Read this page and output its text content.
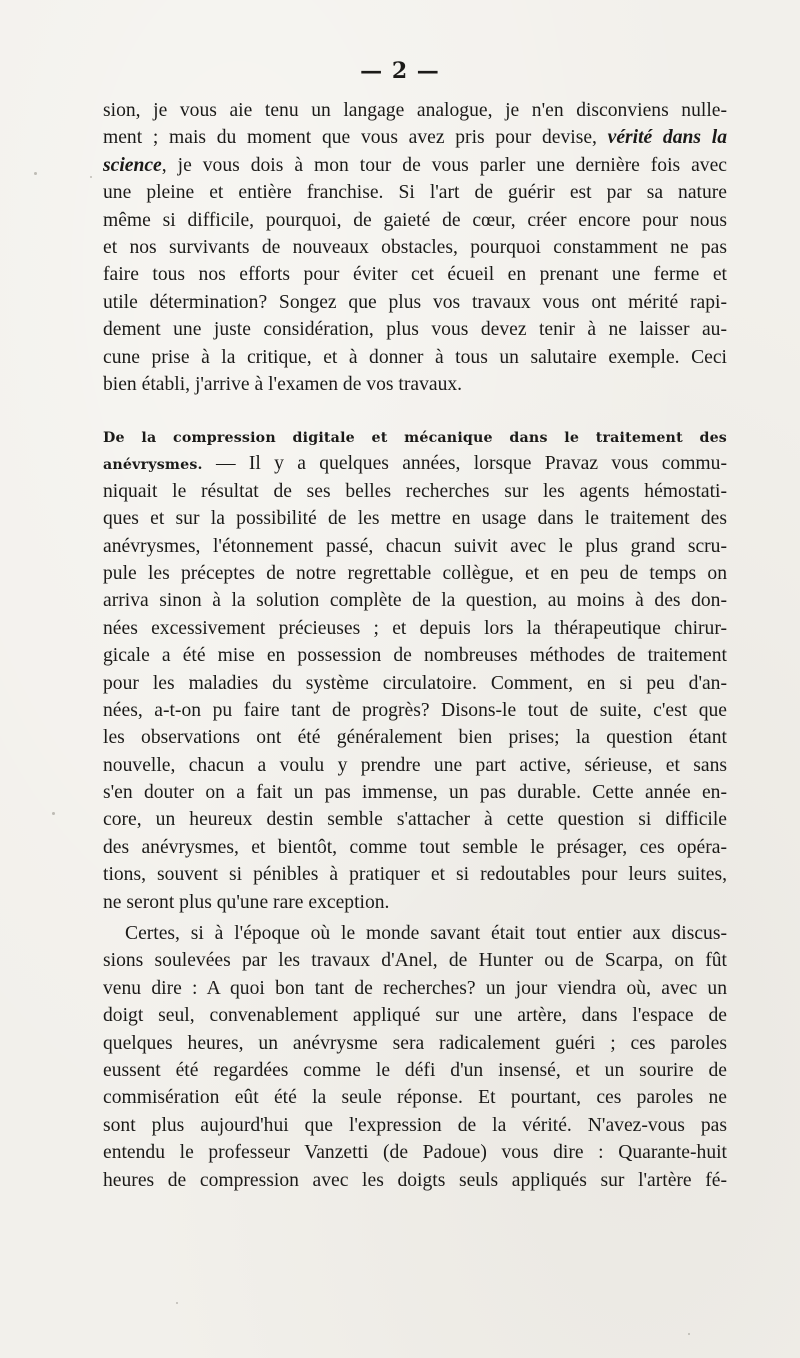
— 2 —
sion, je vous aie tenu un langage analogue, je n'en disconviens nulle-
ment ; mais du moment que vous avez pris pour devise, vérité dans la
science, je vous dois à mon tour de vous parler une dernière fois avec
une pleine et entière franchise. Si l'art de guérir est par sa nature
même si difficile, pourquoi, de gaieté de cœur, créer encore pour nous
et nos survivants de nouveaux obstacles, pourquoi constamment ne pas
faire tous nos efforts pour éviter cet écueil en prenant une ferme et
utile détermination? Songez que plus vos travaux vous ont mérité rapi-
dement une juste considération, plus vous devez tenir à ne laisser au-
cune prise à la critique, et à donner à tous un salutaire exemple. Ceci
bien établi, j'arrive à l'examen de vos travaux.
De la compression digitale et mécanique dans le traitement des
anévrysmes. — Il y a quelques années, lorsque Pravaz vous commu-
niquait le résultat de ses belles recherches sur les agents hémostati-
ques et sur la possibilité de les mettre en usage dans le traitement des
anévrysmes, l'étonnement passé, chacun suivit avec le plus grand scru-
pule les préceptes de notre regrettable collègue, et en peu de temps on
arriva sinon à la solution complète de la question, au moins à des don-
nées excessivement précieuses ; et depuis lors la thérapeutique chirur-
gicale a été mise en possession de nombreuses méthodes de traitement
pour les maladies du système circulatoire. Comment, en si peu d'an-
nées, a-t-on pu faire tant de progrès? Disons-le tout de suite, c'est que
les observations ont été généralement bien prises; la question étant
nouvelle, chacun a voulu y prendre une part active, sérieuse, et sans
s'en douter on a fait un pas immense, un pas durable. Cette année en-
core, un heureux destin semble s'attacher à cette question si difficile
des anévrysmes, et bientôt, comme tout semble le présager, ces opéra-
tions, souvent si pénibles à pratiquer et si redoutables pour leurs suites,
ne seront plus qu'une rare exception.
Certes, si à l'époque où le monde savant était tout entier aux discus-
sions soulevées par les travaux d'Anel, de Hunter ou de Scarpa, on fût
venu dire : A quoi bon tant de recherches? un jour viendra où, avec un
doigt seul, convenablement appliqué sur une artère, dans l'espace de
quelques heures, un anévrysme sera radicalement guéri ; ces paroles
eussent été regardées comme le défi d'un insensé, et un sourire de
commisération eût été la seule réponse. Et pourtant, ces paroles ne
sont plus aujourd'hui que l'expression de la vérité. N'avez-vous pas
entendu le professeur Vanzetti (de Padoue) vous dire : Quarante-huit
heures de compression avec les doigts seuls appliqués sur l'artère fé-
